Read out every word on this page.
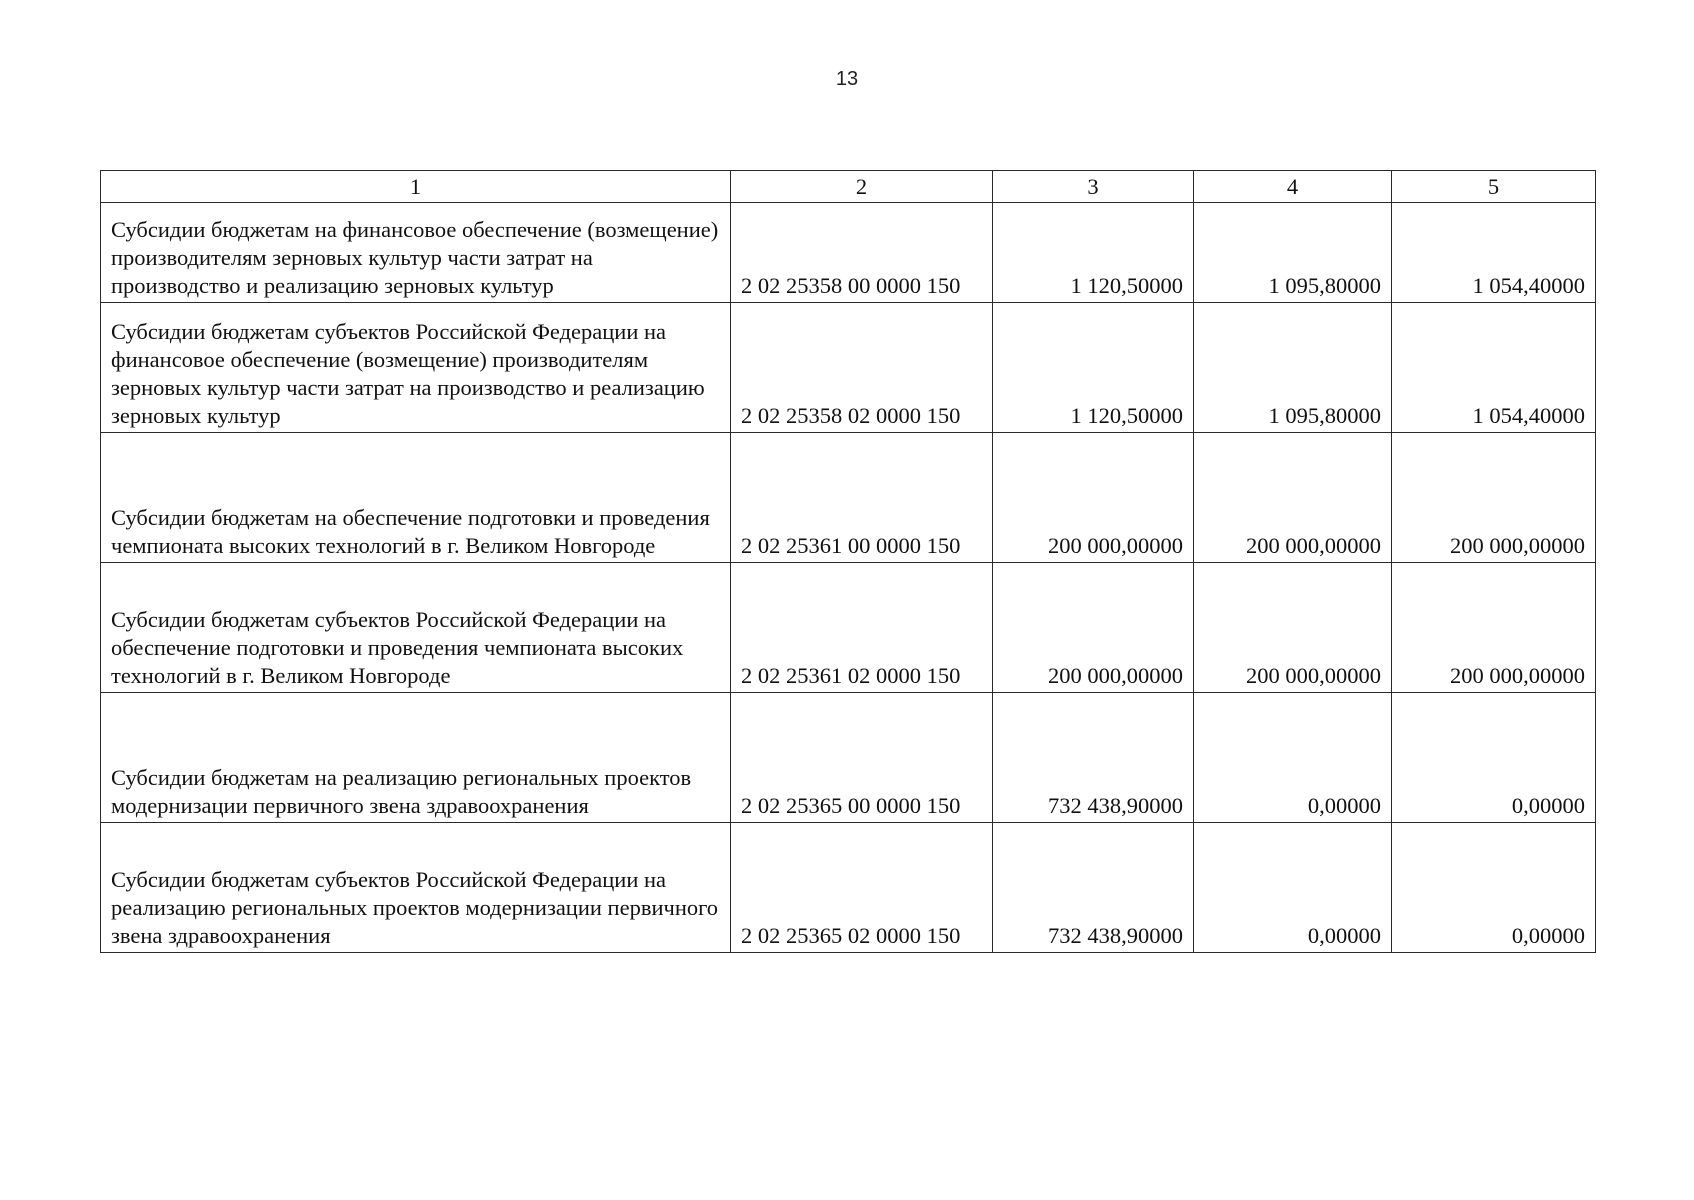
13
1	2	3	4	5
Субсидии бюджетам на финансовое обеспечение (возмещение) производителям зерновых культур части затрат на производство и реализацию зерновых культур	2 02 25358 00 0000 150	1 120,50000	1 095,80000	1 054,40000
Субсидии бюджетам субъектов Российской Федерации на финансовое обеспечение (возмещение) производителям зерновых культур части затрат на производство и реализацию зерновых культур	2 02 25358 02 0000 150	1 120,50000	1 095,80000	1 054,40000
Субсидии бюджетам на обеспечение подготовки и проведения чемпионата высоких технологий в г. Великом Новгороде	2 02 25361 00 0000 150	200 000,00000	200 000,00000	200 000,00000
Субсидии бюджетам субъектов Российской Федерации на обеспечение подготовки и проведения чемпионата высоких технологий в г. Великом Новгороде	2 02 25361 02 0000 150	200 000,00000	200 000,00000	200 000,00000
Субсидии бюджетам на реализацию региональных проектов модернизации первичного звена здравоохранения	2 02 25365 00 0000 150	732 438,90000	0,00000	0,00000
Субсидии бюджетам субъектов Российской Федерации на реализацию региональных проектов модернизации первичного звена здравоохранения	2 02 25365 02 0000 150	732 438,90000	0,00000	0,00000
